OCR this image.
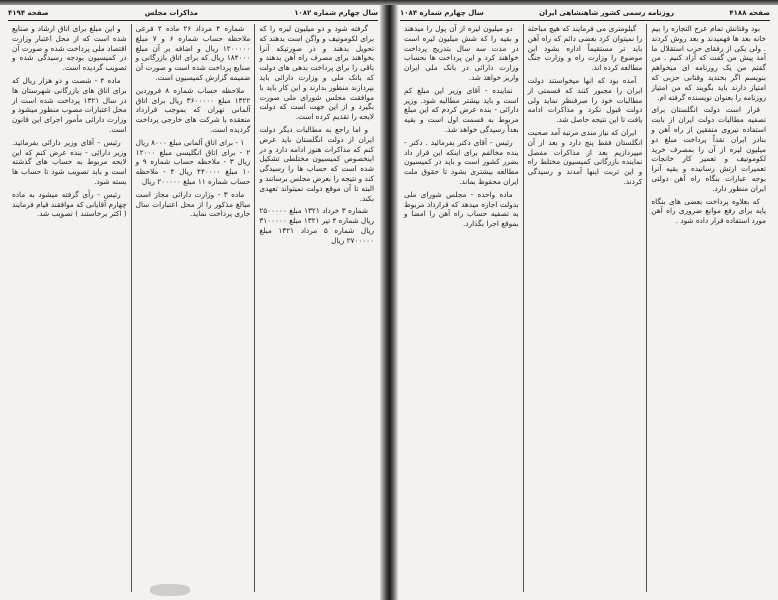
سال چهارم شماره ۱۰۸۲
مذاکرات مجلس
صفحه ۴۱۹۴

گرفته شود و دو میلیون لیره را که برای لکوموتیف و واگن است بدهند که تحویل بدهند و در صورتیکه آنرا بخواهند برای مصرف راه آهن بدهند و باقی را برای پرداخت بدهی های دولت که بانک ملی و وزارت دارائی باید بپردازند منظور بدارند و این کار باید با موافقت مجلس شورای ملی صورت بگیرد و از این جهت است که دولت لایحه را تقدیم کرده است.

و اما راجع به مطالبات دیگر دولت ایران از دولت انگلستان باید عرض کنم که مذاکرات هنوز ادامه دارد و در اینخصوص کمیسیون مختلطی تشکیل شده است که حساب ها را رسیدگی کند و نتیجه را بعرض مجلس برسانند و البته تا آن موقع دولت نمیتواند تعهدی بکند.

شماره ۳ خرداد ۱۳۲۱ مبلغ ۲۵۰۰۰۰۰ ریال شماره ۴ تیر ۱۳۲۱ مبلغ ۳۱۰۰۰۰۰ ریال شماره ۵ مرداد ۱۳۲۱ مبلغ ۲۷۰۰۰۰۰ ریال

شماره ۴ مرداد ۲۶ ماده ۲ فرعی ملاحظه حساب شماره ۶ و ۷ مبلغ ۱۲۰۰۰۰۰ ریال و اضافه بر آن مبلغ ۱۸۴۰۰۰ ریال که برای اتاق بازرگانی و صنایع پرداخت شده است و صورت آن ضمیمه گزارش کمیسیون است.

ملاحظه حساب شماره ۸ فروردین ۱۳۲۲ مبلغ ۳۶۰۰۰۰۰ ریال برای اتاق آلمانی تهران که بموجب قرارداد منعقده با شرکت های خارجی پرداخت گردیده است.

۱ - برای اتاق آلمانی مبلغ ۸۰۰۰ ریال ۲ - برای اتاق انگلیسی مبلغ ۱۲۰۰۰ ریال ۳ - ملاحظه حساب شماره ۹ و ۱۰ مبلغ ۴۴۰۰۰۰ ریال ۴ - ملاحظه حساب شماره ۱۱ مبلغ ۲۰۰۰۰۰ ریال

ماده ۳ - وزارت دارائی مجاز است مبالغ مذکور را از محل اعتبارات سال جاری پرداخت نماید.

و این مبلغ برای اتاق ارشاد و صنایع شده است که از محل اعتبار وزارت اقتصاد ملی پرداخت شده و صورت آن در کمیسیون بودجه رسیدگی شده و تصویب گردیده است.

ماده ۴ - شصت و دو هزار ریال که برای اتاق های بازرگانی شهرستان ها در سال ۱۳۲۱ پرداخت شده است از محل اعتبارات مصوب منظور میشود و وزارت دارائی مأمور اجرای این قانون است.

رئیس - آقای وزیر دارائی بفرمائید. وزیر دارائی - بنده عرض کنم که این لایحه مربوط به حساب های گذشته است و باید تصویب شود تا حساب ها بسته شود.

رئیس - رأی گرفته میشود به ماده چهارم آقایانی که موافقند قیام فرمایند ( اکثر برخاستند ) تصویب شد.

صفحه ۴۱۸۸
روزنامه رسمی کشور شاهنشاهی ایران
سال چهارم شماره ۱۰۸۴

بود وقتانش تمام عرج التجاره را بیم خانه بعد ها فهمیدند و بعد روش کردند . ولی یکی از رفقای حزب استقلال ما آمد پیش من گفت که آزاد کنیم . من گفتم من یک روزنامه ای میخواهم بنویسم اگر بخندید وقتانی حزبی که امتیاز دارند باید بگویند که من امتیاز روزنامه را بعنوان نویسنده گرفته ام.

قرار است دولت انگلستان برای تصفیه مطالبات دولت ایران از بابت استفاده نیروی متفقین از راه آهن و بنادر ایران نقداً پرداخت مبلغ دو میلیون لیره از آن را بمصرف خرید لکوموتیف و تعمیر کار خانجات تعمیرات ارتش رسانیده و بقیه آنرا بوجه عبارات بنگاه راه آهن دولتی ایران منظور دارد.

که بعلاوه پرداخت بعضی های بنگاه پایه برای رفع موانع ضروری راه آهن مورد استفاده قرار داده شود .

گیلومتری می فرمایند که هیچ مباحثه را نمیتوان کرد بعضی دائم که راه آهن باید تر مستقیماً اداره بشود این موضوع را وزارت راه و وزارت جنگ مطالعه کرده اند.

آمده بود که انها میخواستند دولت ایران را مجبور کنند که قسمتی از مطالبات خود را صرفنظر نماید ولی دولت قبول نکرد و مذاکرات ادامه یافت تا این نتیجه حاصل شد.

ایران که نیاز مندی مرتبه آمد صحبت انگلستان فقط پنج دارد و بعد از آن میپردازیم بعد از مذاکرات مفصل نماینده بازرگانی کمیسیون مختلط راه و این تربت اینها آمدند و رسیدگی کردند.

دو میلیون لیره از آن پول را میدهند و بقیه را که شش میلیون لیره است در مدت سه سال بتدریج پرداخت خواهند کرد و این پرداخت ها بحساب وزارت دارائی در بانک ملی ایران واریز خواهد شد.

نماینده - آقای وزیر این مبلغ کم است و باید بیشتر مطالبه شود. وزیر دارائی - بنده عرض کردم که این مبلغ مربوط به قسمت اول است و بقیه بعداً رسیدگی خواهد شد.

رئیس - آقای دکتر بفرمائید . دکتر - بنده مخالفم برای اینکه این قرار داد بضرر کشور است و باید در کمیسیون مطالعه بیشتری بشود تا حقوق ملت ایران محفوظ بماند.

ماده واحده - مجلس شورای ملی بدولت اجازه میدهد که قرارداد مربوط به تصفیه حساب راه آهن را امضا و بموقع اجرا بگذارد.
